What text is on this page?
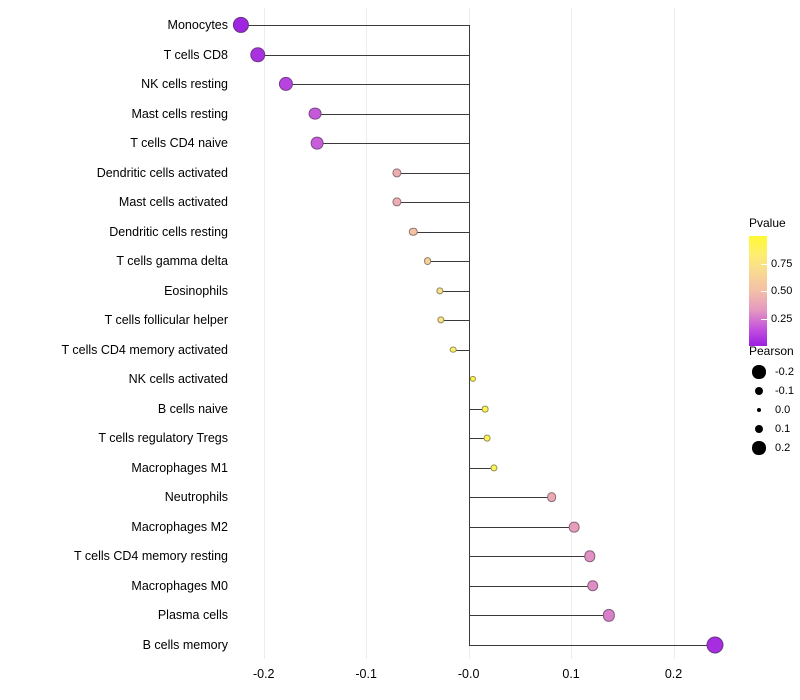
Monocytes
T cells CD8
NK cells resting
Mast cells resting
T cells CD4 naive
Dendritic cells activated
Mast cells activated
Dendritic cells resting
T cells gamma delta
Eosinophils
T cells follicular helper
T cells CD4 memory activated
NK cells activated
B cells naive
T cells regulatory Tregs
Macrophages M1
Neutrophils
Macrophages M2
T cells CD4 memory resting
Macrophages M0
Plasma cells
B cells memory
-0.2	-0.1	-0.0	0.1	0.2
Pvalue
0.25
0.50
0.75
Pearson
-0.2
-0.1
0.0
0.1
0.2
